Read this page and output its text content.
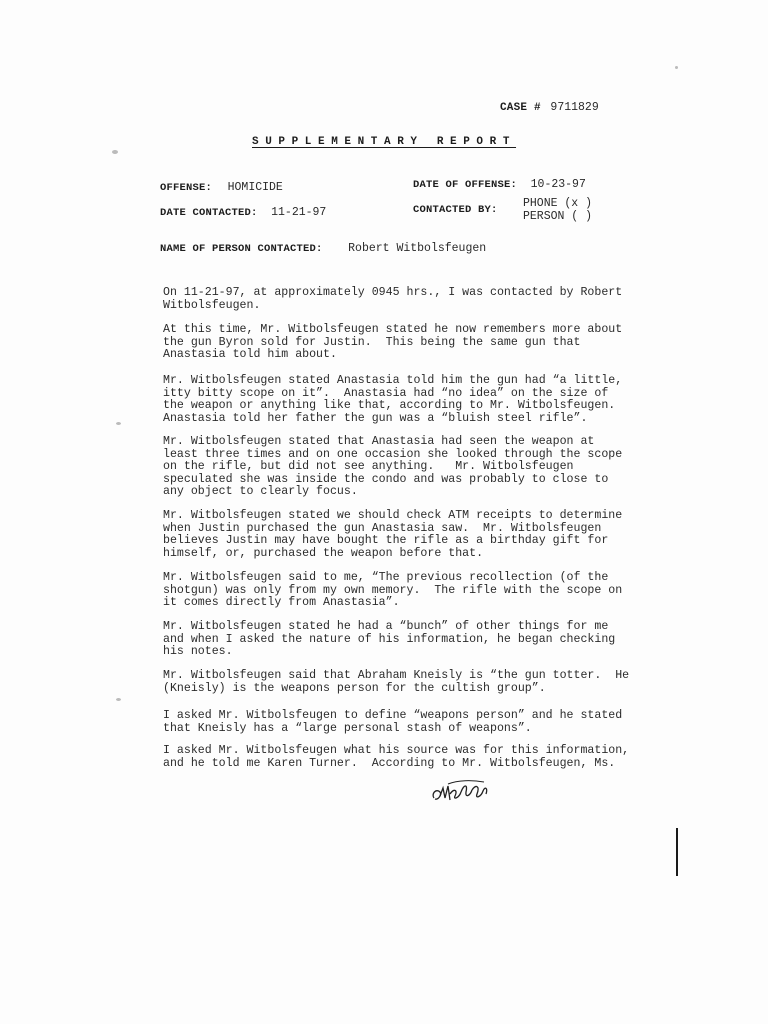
CASE # 9711829
SUPPLEMENTARY REPORT
OFFENSE: HOMICIDE	DATE OF OFFENSE: 10-23-97
DATE CONTACTED: 11-21-97	CONTACTED BY: PHONE (x )
PERSON ( )
NAME OF PERSON CONTACTED: Robert Witbolsfeugen

On 11-21-97, at approximately 0945 hrs., I was contacted by Robert

Witbolsfeugen.

At this time, Mr. Witbolsfeugen stated he now remembers more about

the gun Byron sold for Justin.  This being the same gun that

Anastasia told him about.

Mr. Witbolsfeugen stated Anastasia told him the gun had “a little,

itty bitty scope on it”.  Anastasia had “no idea” on the size of

the weapon or anything like that, according to Mr. Witbolsfeugen.

Anastasia told her father the gun was a “bluish steel rifle”.

Mr. Witbolsfeugen stated that Anastasia had seen the weapon at

least three times and on one occasion she looked through the scope

on the rifle, but did not see anything.   Mr. Witbolsfeugen

speculated she was inside the condo and was probably to close to

any object to clearly focus.

Mr. Witbolsfeugen stated we should check ATM receipts to determine

when Justin purchased the gun Anastasia saw.  Mr. Witbolsfeugen

believes Justin may have bought the rifle as a birthday gift for

himself, or, purchased the weapon before that.

Mr. Witbolsfeugen said to me, “The previous recollection (of the

shotgun) was only from my own memory.  The rifle with the scope on

it comes directly from Anastasia”.

Mr. Witbolsfeugen stated he had a “bunch” of other things for me

and when I asked the nature of his information, he began checking

his notes.

Mr. Witbolsfeugen said that Abraham Kneisly is “the gun totter.  He

(Kneisly) is the weapons person for the cultish group”.

I asked Mr. Witbolsfeugen to define “weapons person” and he stated

that Kneisly has a “large personal stash of weapons”.

I asked Mr. Witbolsfeugen what his source was for this information,

and he told me Karen Turner.  According to Mr. Witbolsfeugen, Ms.
